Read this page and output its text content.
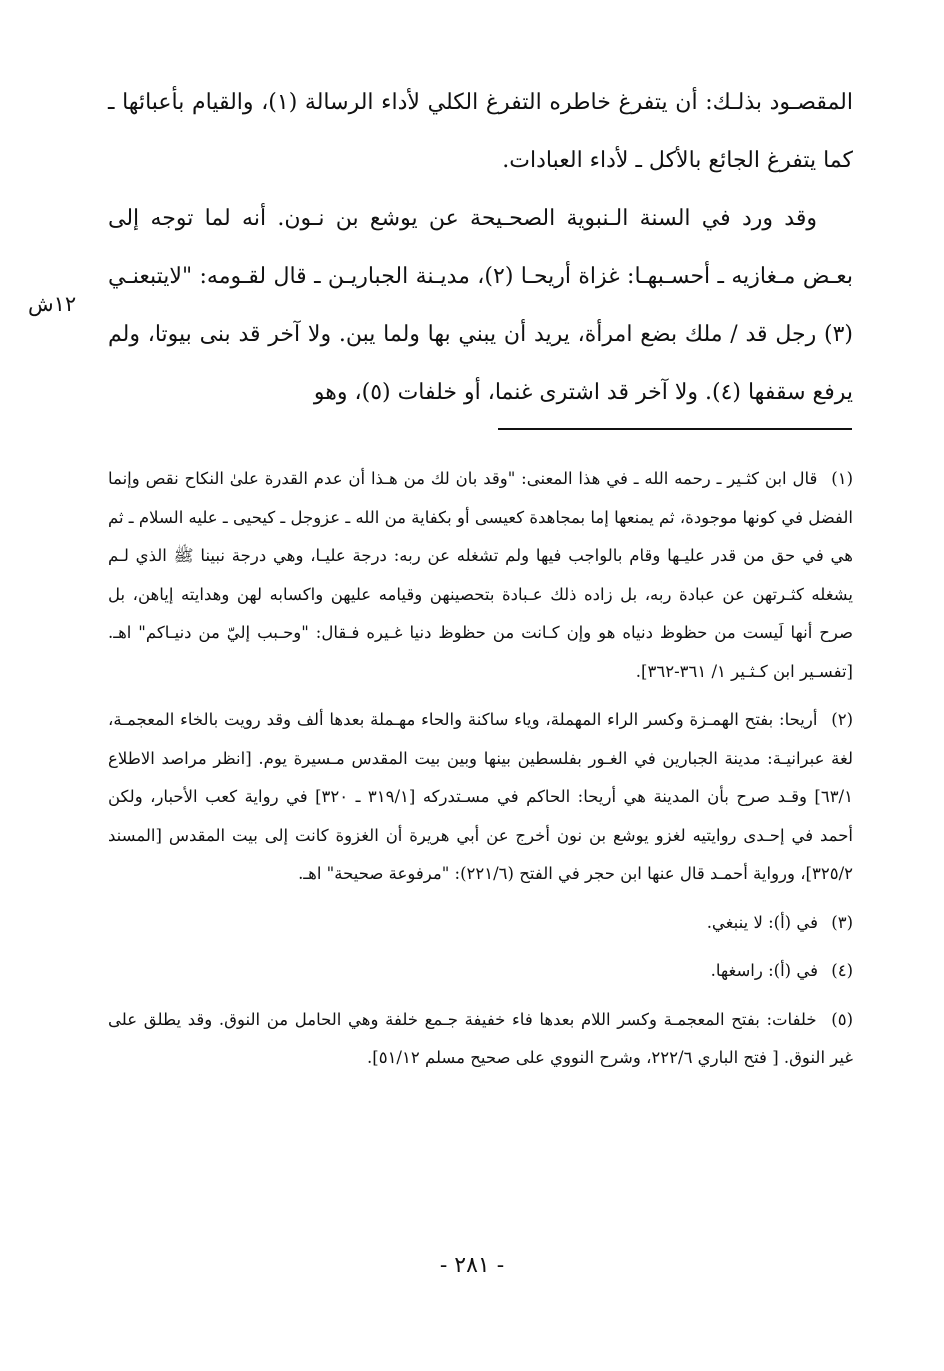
المقصـود بذلـك: أن يتفرغ خاطره التفرغ الكلي لأداء الرسالة (١)، والقيام بأعبائها ـ كما يتفرغ الجائع بالأكل ـ لأداء العبادات.

وقد ورد في السنة الـنبوية الصحـيحة عن يوشع بن نـون. أنه لما توجه إلى بعـض مـغازيه ـ أحسـبهـا: غزاة أريحـا (٢)، مديـنة الجباريـن ـ قال لقـومه: "لايتبعنـي (٣) رجل قد / ملك بضع امرأة، يريد أن يبني بها ولما يبن. ولا آخر قد بنى بيوتا، ولم يرفع سقفها (٤). ولا آخر قد اشترى غنما، أو خلفات (٥)، وهو

١٢ش

(١) قال ابن كثـير ـ رحمه الله ـ في هذا المعنى: "وقد بان لك من هـذا أن عدم القدرة علىٰ النكاح نقص وإنما الفضل في كونها موجودة، ثم يمنعها إما بمجاهدة كعيسى أو بكفاية من الله ـ عزوجل ـ كيحيى ـ عليه السلام ـ ثم هي في حق من قدر عليـها وقام بالواجب فيها ولم تشغله عن ربه: درجة عليـا، وهي درجة نبينا ﷺ الذي لـم يشغله كثـرتهن عن عبادة ربه، بل زاده ذلك عـبادة بتحصينهن وقيامه عليهن واكسابه لهن وهدايته إياهن، بل صرح أنها لَيست من حظوظ دنياه هو وإن كـانت من حظوظ دنيا غـيره فـقال: "وحـبب إليّ من دنيـاكم" اهـ. [تفسـير ابن كـثـير ١/ ٣٦١-٣٦٢].

(٢) أريحا: بفتح الهمـزة وكسر الراء المهملة، وياء ساكنة والحاء مهـملة بعدها ألف وقد رويت بالخاء المعجمـة، لغة عبرانيـة: مدينة الجبارين في الغـور بفلسطين بينها وبين بيت المقدس مـسيرة يوم. [انظر مراصد الاطلاع ٦٣/١] وقـد صرح بأن المدينة هي أريحا: الحاكم في مسـتدركه [٣١٩/١ ـ ٣٢٠] في رواية كعب الأحبار، ولكن أحمد في إحـدى روايتيه لغزو يوشع بن نون أخرج عن أبي هريرة أن الغزوة كانت إلى بيت المقدس [المسند ٣٢٥/٢]، ورواية أحمـد قال عنها ابن حجر في الفتح (٢٢١/٦): "مرفوعة صحيحة" اهـ.

(٣) في (أ): لا ينبغي.

(٤) في (أ): راسغها.

(٥) خلفات: بفتح المعجمـة وكسر اللام بعدها فاء خفيفة جـمع خلفة وهي الحامل من النوق. وقد يطلق على غير النوق. [ فتح الباري ٢٢٢/٦، وشرح النووي على صحيح مسلم ٥١/١٢].

- ٢٨١ -
